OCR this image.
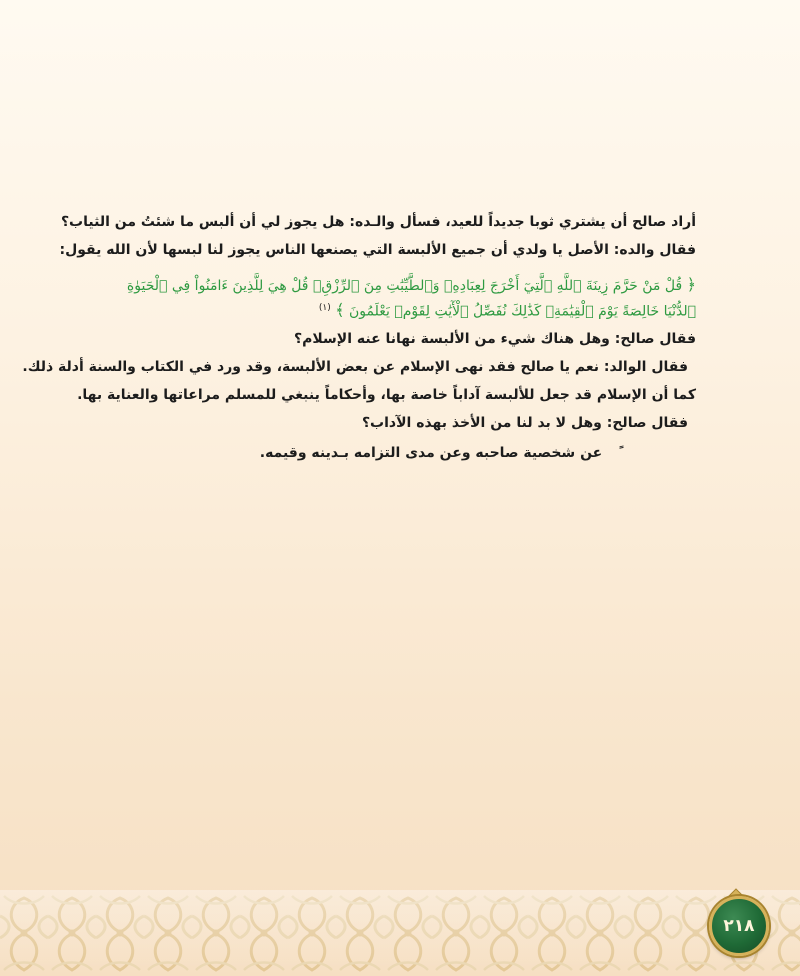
أراد صالح أن يشتري ثوبا جديداً للعيد، فسأل والـده: هل يجوز لي أن ألبس ما شئتُ من الثياب؟
فقال والده: الأصل يا ولدي أن جميع الألبسة التي يصنعها الناس يجوز لنا لبسها لأن الله يقول:
﴿ قُلْ مَنْ حَرَّمَ زِينَةَ ٱللَّهِ ٱلَّتِيٓ أَخْرَجَ لِعِبَادِهِۦ وَٱلطَّيِّبَٰتِ مِنَ ٱلرِّزْقِۚ قُلْ هِيَ لِلَّذِينَ ءَامَنُواْ فِي ٱلْحَيَوٰةِ ٱلدُّنْيَا خَالِصَةً يَوْمَ ٱلْقِيَٰمَةِۗ كَذَٰلِكَ نُفَصِّلُ ٱلْأٓيَٰتِ لِقَوْمٖ يَعْلَمُونَ ﴾ $^{(١)}$
فقال صالح: وهل هناك شيء من الألبسة نهانا عنه الإسلام؟
فقال الوالد: نعم يا صالح فقد نهى الإسلام عن بعض الألبسة، وقد ورد في الكتاب والسنة أدلة ذلك.
كما أن الإسلام قد جعل للألبسة آداباً خاصة بها، وأحكاماً ينبغي للمسلم مراعاتها والعناية بها.
فقال صالح: وهل لا بد لنا من الأخذ بهذه الآداب؟
عن شخصية صاحبه وعن مدى التزامه بـدينه وقيمه.
٢١٨
